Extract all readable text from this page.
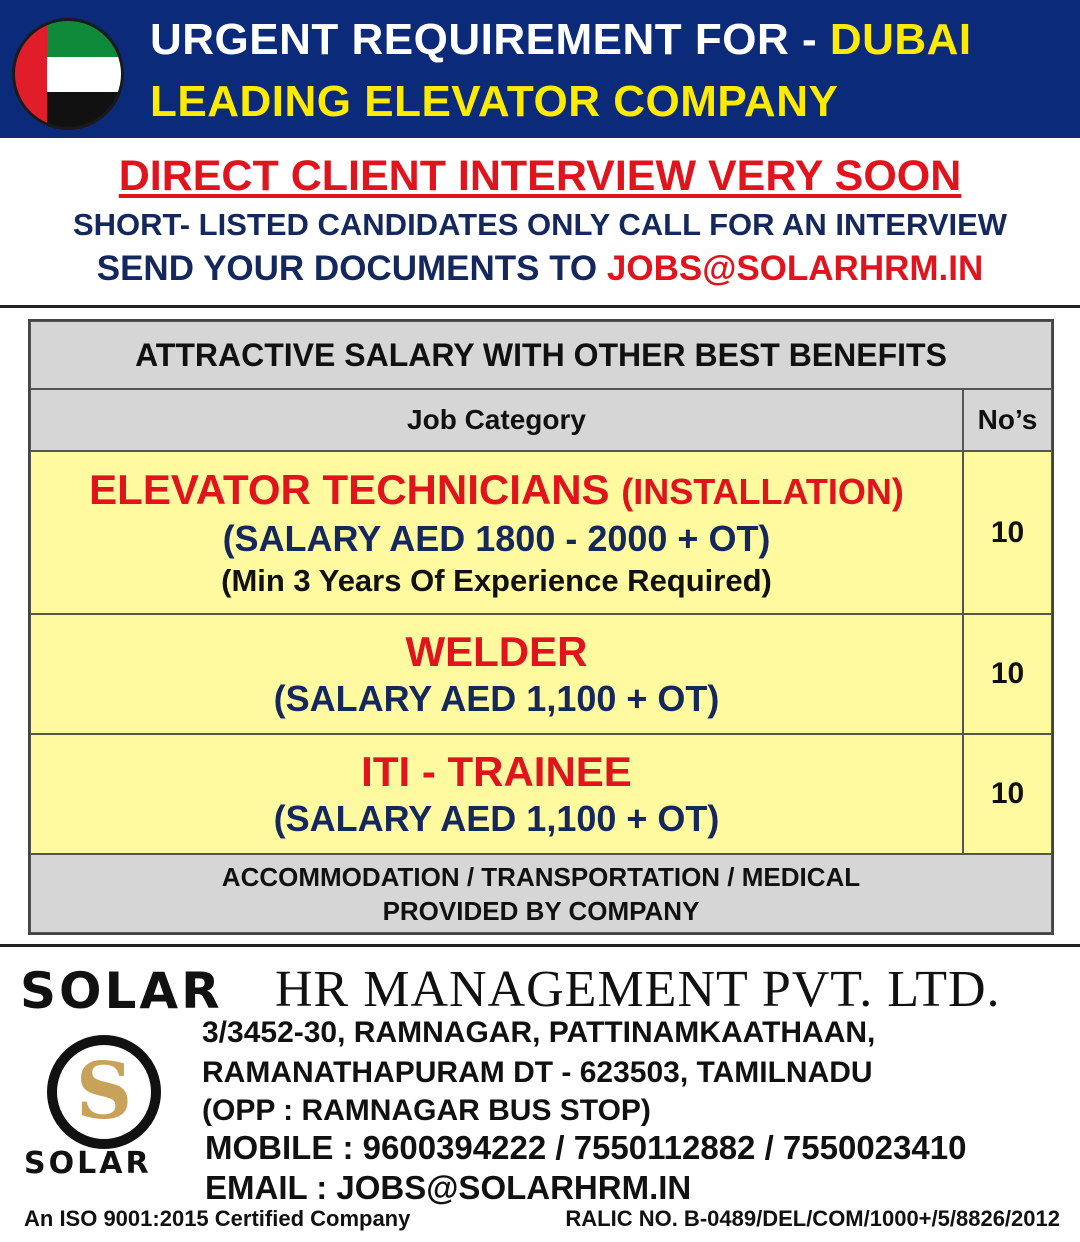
URGENT REQUIREMENT FOR - DUBAI
LEADING ELEVATOR COMPANY
DIRECT CLIENT INTERVIEW VERY SOON
SHORT- LISTED CANDIDATES ONLY CALL FOR AN INTERVIEW
SEND YOUR DOCUMENTS TO JOBS@SOLARHRM.IN
ATTRACTIVE SALARY WITH OTHER BEST BENEFITS
Job Category	No’s
ELEVATOR TECHNICIANS (INSTALLATION)
(SALARY AED 1800 - 2000 + OT)
(Min 3 Years Of Experience Required)
10
WELDER
(SALARY AED 1,100 + OT)
10
ITI - TRAINEE
(SALARY AED 1,100 + OT)
10
ACCOMMODATION / TRANSPORTATION / MEDICAL
PROVIDED BY COMPANY
SOLAR HR MANAGEMENT PVT. LTD.
S
SOLAR
3/3452-30, RAMNAGAR, PATTINAMKAATHAAN,
RAMANATHAPURAM DT - 623503, TAMILNADU
(OPP : RAMNAGAR BUS STOP)
MOBILE : 9600394222 / 7550112882 / 7550023410
EMAIL : JOBS@SOLARHRM.IN
An ISO 9001:2015 Certified Company	RALIC NO. B-0489/DEL/COM/1000+/5/8826/2012
